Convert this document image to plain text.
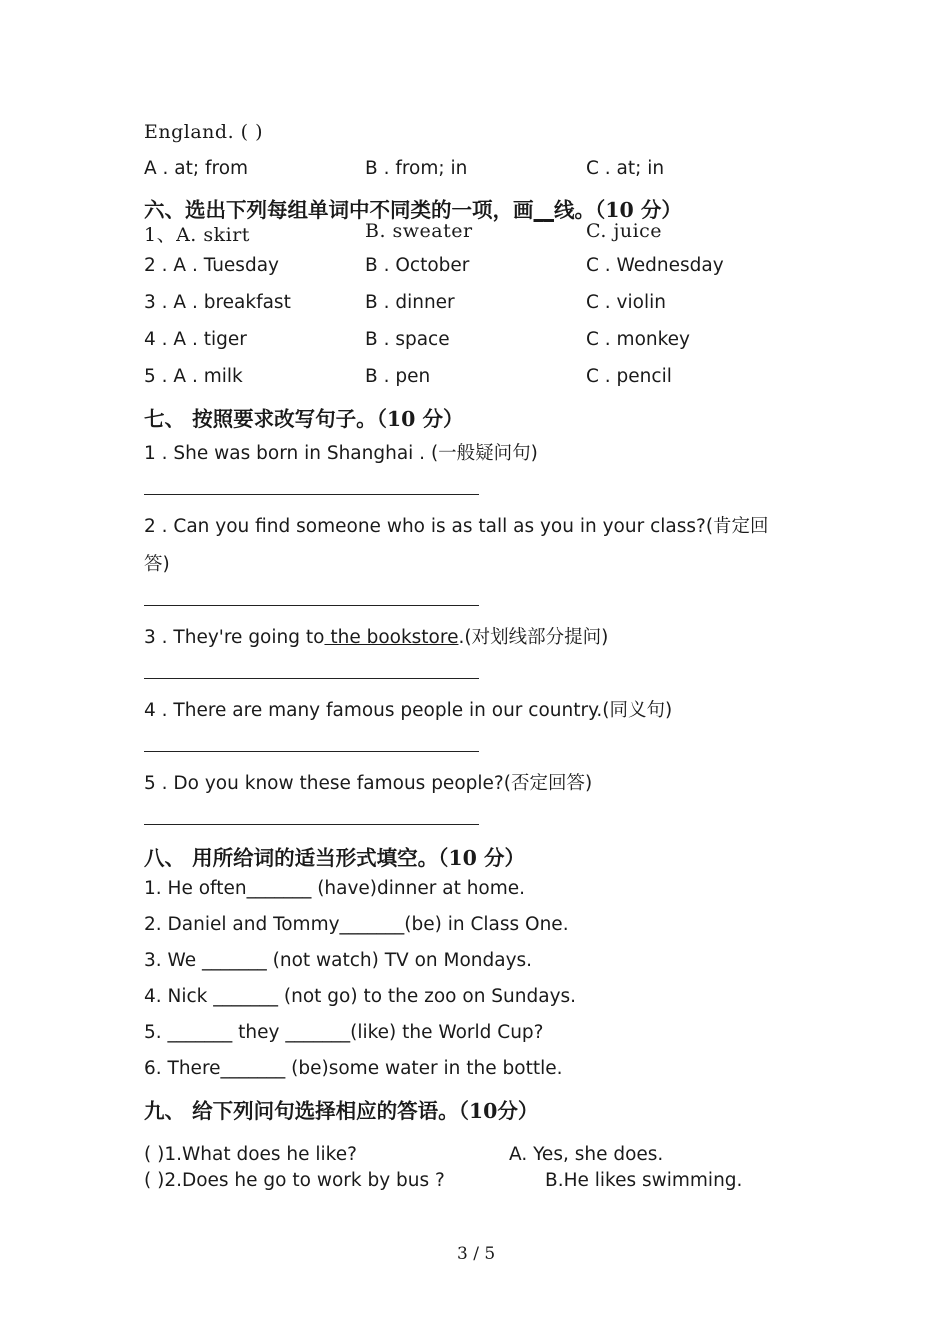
England. ( )
A . at; from	B . from; in	C . at; in
六、选出下列每组单词中不同类的一项，画__线。（10 分）
1、A. skirt	B. sweater	C. juice
2 . A . Tuesday	B . October	C . Wednesday
3 . A . breakfast	B . dinner	C . violin
4 . A . tiger	B . space	C . monkey
5 . A . milk	B . pen	C . pencil
七、 按照要求改写句子。（10 分）
1 . She was born in Shanghai . (一般疑问句)
2 . Can you find someone who is as tall as you in your class?(肯定回
答)
3 . They're going to the bookstore.(对划线部分提问)
4 . There are many famous people in our country.(同义句)
5 . Do you know these famous people?(否定回答)
八、 用所给词的适当形式填空。（10 分）
1. He often_______ (have)dinner at home.
2. Daniel and Tommy_______(be) in Class One.
3. We _______ (not watch) TV on Mondays.
4. Nick _______ (not go) to the zoo on Sundays.
5. _______ they _______(like) the World Cup?
6. There_______ (be)some water in the bottle.
九、 给下列问句选择相应的答语。（10分）
( )1.What does he like?	A. Yes, she does.
( )2.Does he go to work by bus ?	B.He likes swimming.
3 / 5
